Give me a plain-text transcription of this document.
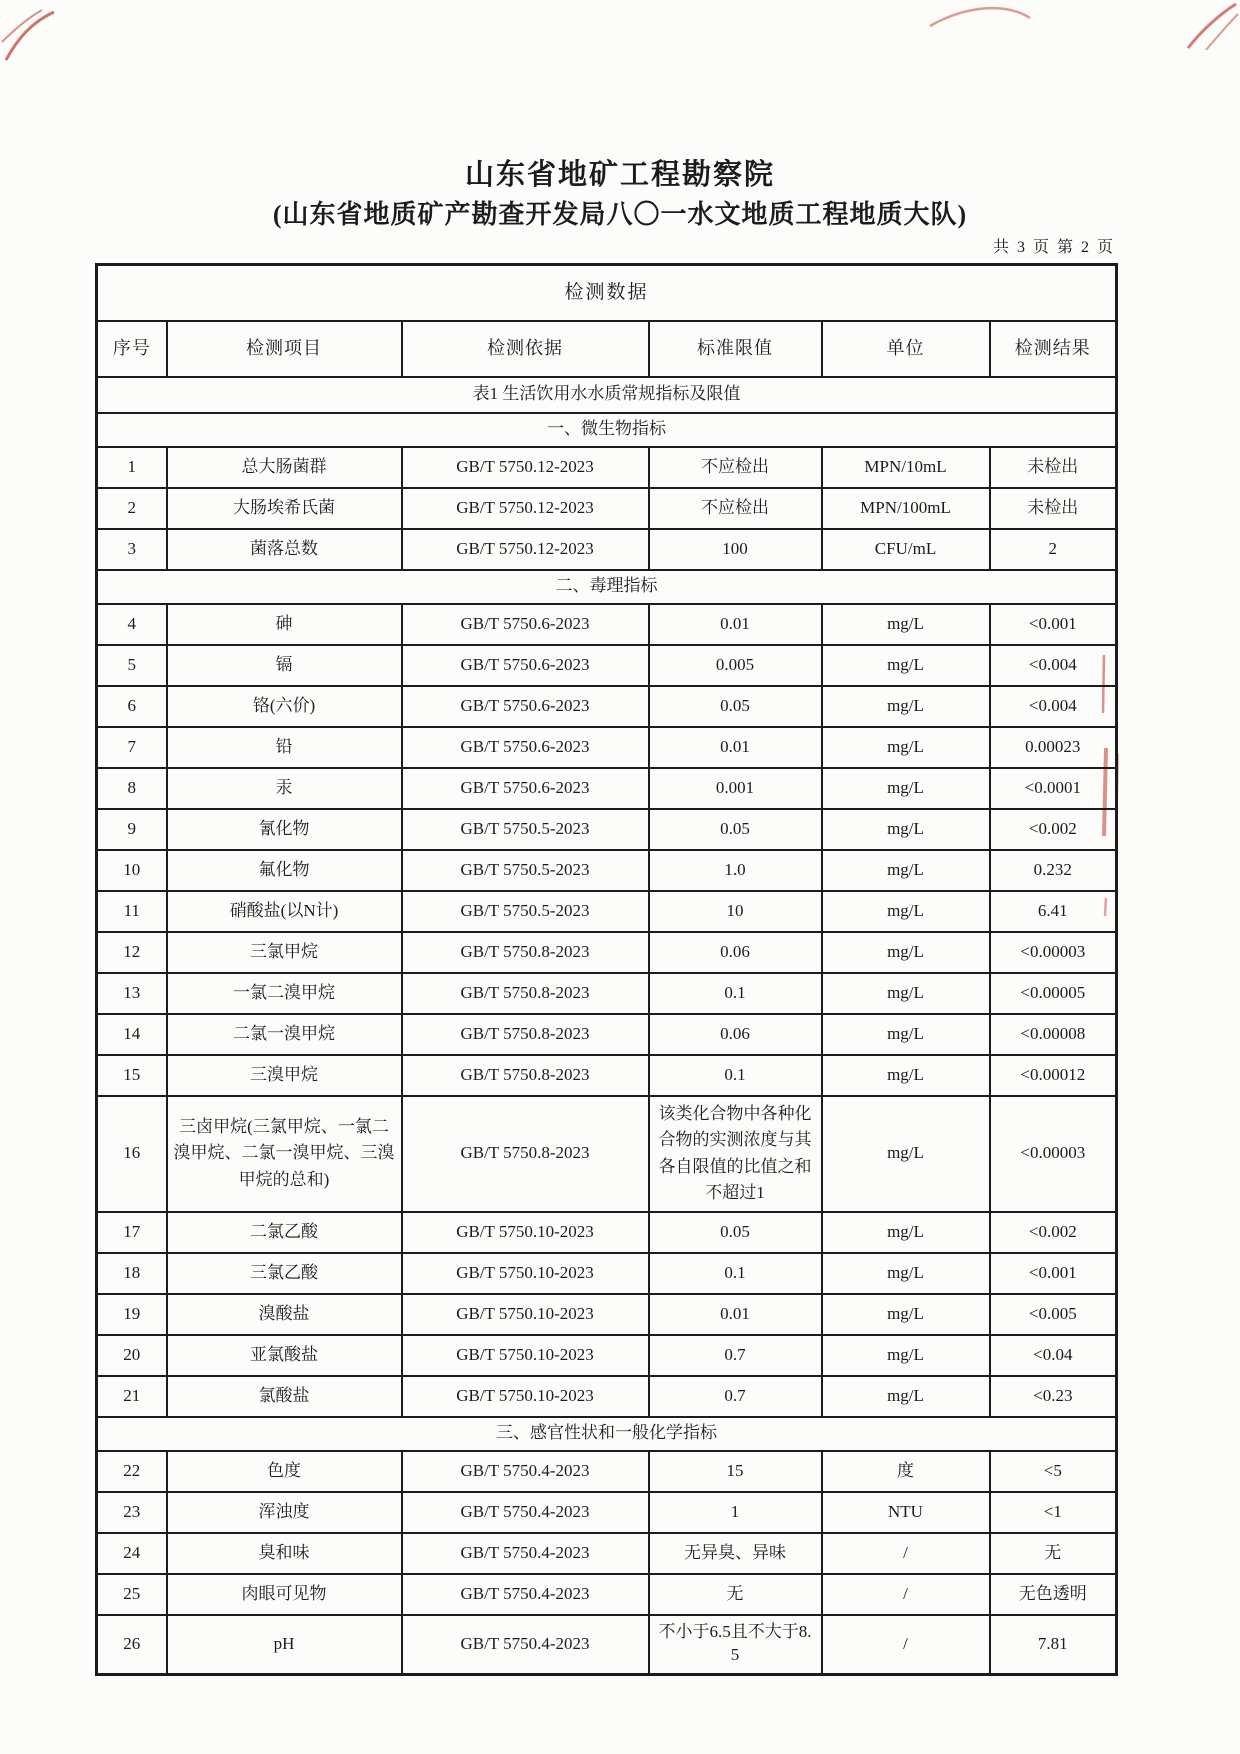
山东省地矿工程勘察院
(山东省地质矿产勘查开发局八〇一水文地质工程地质大队)
共 3 页 第 2 页
检测数据					
序号	检测项目	检测依据	标准限值	单位	检测结果
表1 生活饮用水水质常规指标及限值					
一、微生物指标					
1	总大肠菌群	GB/T 5750.12-2023	不应检出	MPN/10mL	未检出
2	大肠埃希氏菌	GB/T 5750.12-2023	不应检出	MPN/100mL	未检出
3	菌落总数	GB/T 5750.12-2023	100	CFU/mL	2
二、毒理指标					
4	砷	GB/T 5750.6-2023	0.01	mg/L	<0.001
5	镉	GB/T 5750.6-2023	0.005	mg/L	<0.004
6	铬(六价)	GB/T 5750.6-2023	0.05	mg/L	<0.004
7	铅	GB/T 5750.6-2023	0.01	mg/L	0.00023
8	汞	GB/T 5750.6-2023	0.001	mg/L	<0.0001
9	氰化物	GB/T 5750.5-2023	0.05	mg/L	<0.002
10	氟化物	GB/T 5750.5-2023	1.0	mg/L	0.232
11	硝酸盐(以N计)	GB/T 5750.5-2023	10	mg/L	6.41
12	三氯甲烷	GB/T 5750.8-2023	0.06	mg/L	<0.00003
13	一氯二溴甲烷	GB/T 5750.8-2023	0.1	mg/L	<0.00005
14	二氯一溴甲烷	GB/T 5750.8-2023	0.06	mg/L	<0.00008
15	三溴甲烷	GB/T 5750.8-2023	0.1	mg/L	<0.00012
16	三卤甲烷(三氯甲烷、一氯二溴甲烷、二氯一溴甲烷、三溴甲烷的总和)	GB/T 5750.8-2023	该类化合物中各种化合物的实测浓度与其各自限值的比值之和不超过1	mg/L	<0.00003
17	二氯乙酸	GB/T 5750.10-2023	0.05	mg/L	<0.002
18	三氯乙酸	GB/T 5750.10-2023	0.1	mg/L	<0.001
19	溴酸盐	GB/T 5750.10-2023	0.01	mg/L	<0.005
20	亚氯酸盐	GB/T 5750.10-2023	0.7	mg/L	<0.04
21	氯酸盐	GB/T 5750.10-2023	0.7	mg/L	<0.23
三、感官性状和一般化学指标					
22	色度	GB/T 5750.4-2023	15	度	<5
23	浑浊度	GB/T 5750.4-2023	1	NTU	<1
24	臭和味	GB/T 5750.4-2023	无异臭、异味	/	无
25	肉眼可见物	GB/T 5750.4-2023	无	/	无色透明
26	pH	GB/T 5750.4-2023	不小于6.5且不大于8.5	/	7.81
